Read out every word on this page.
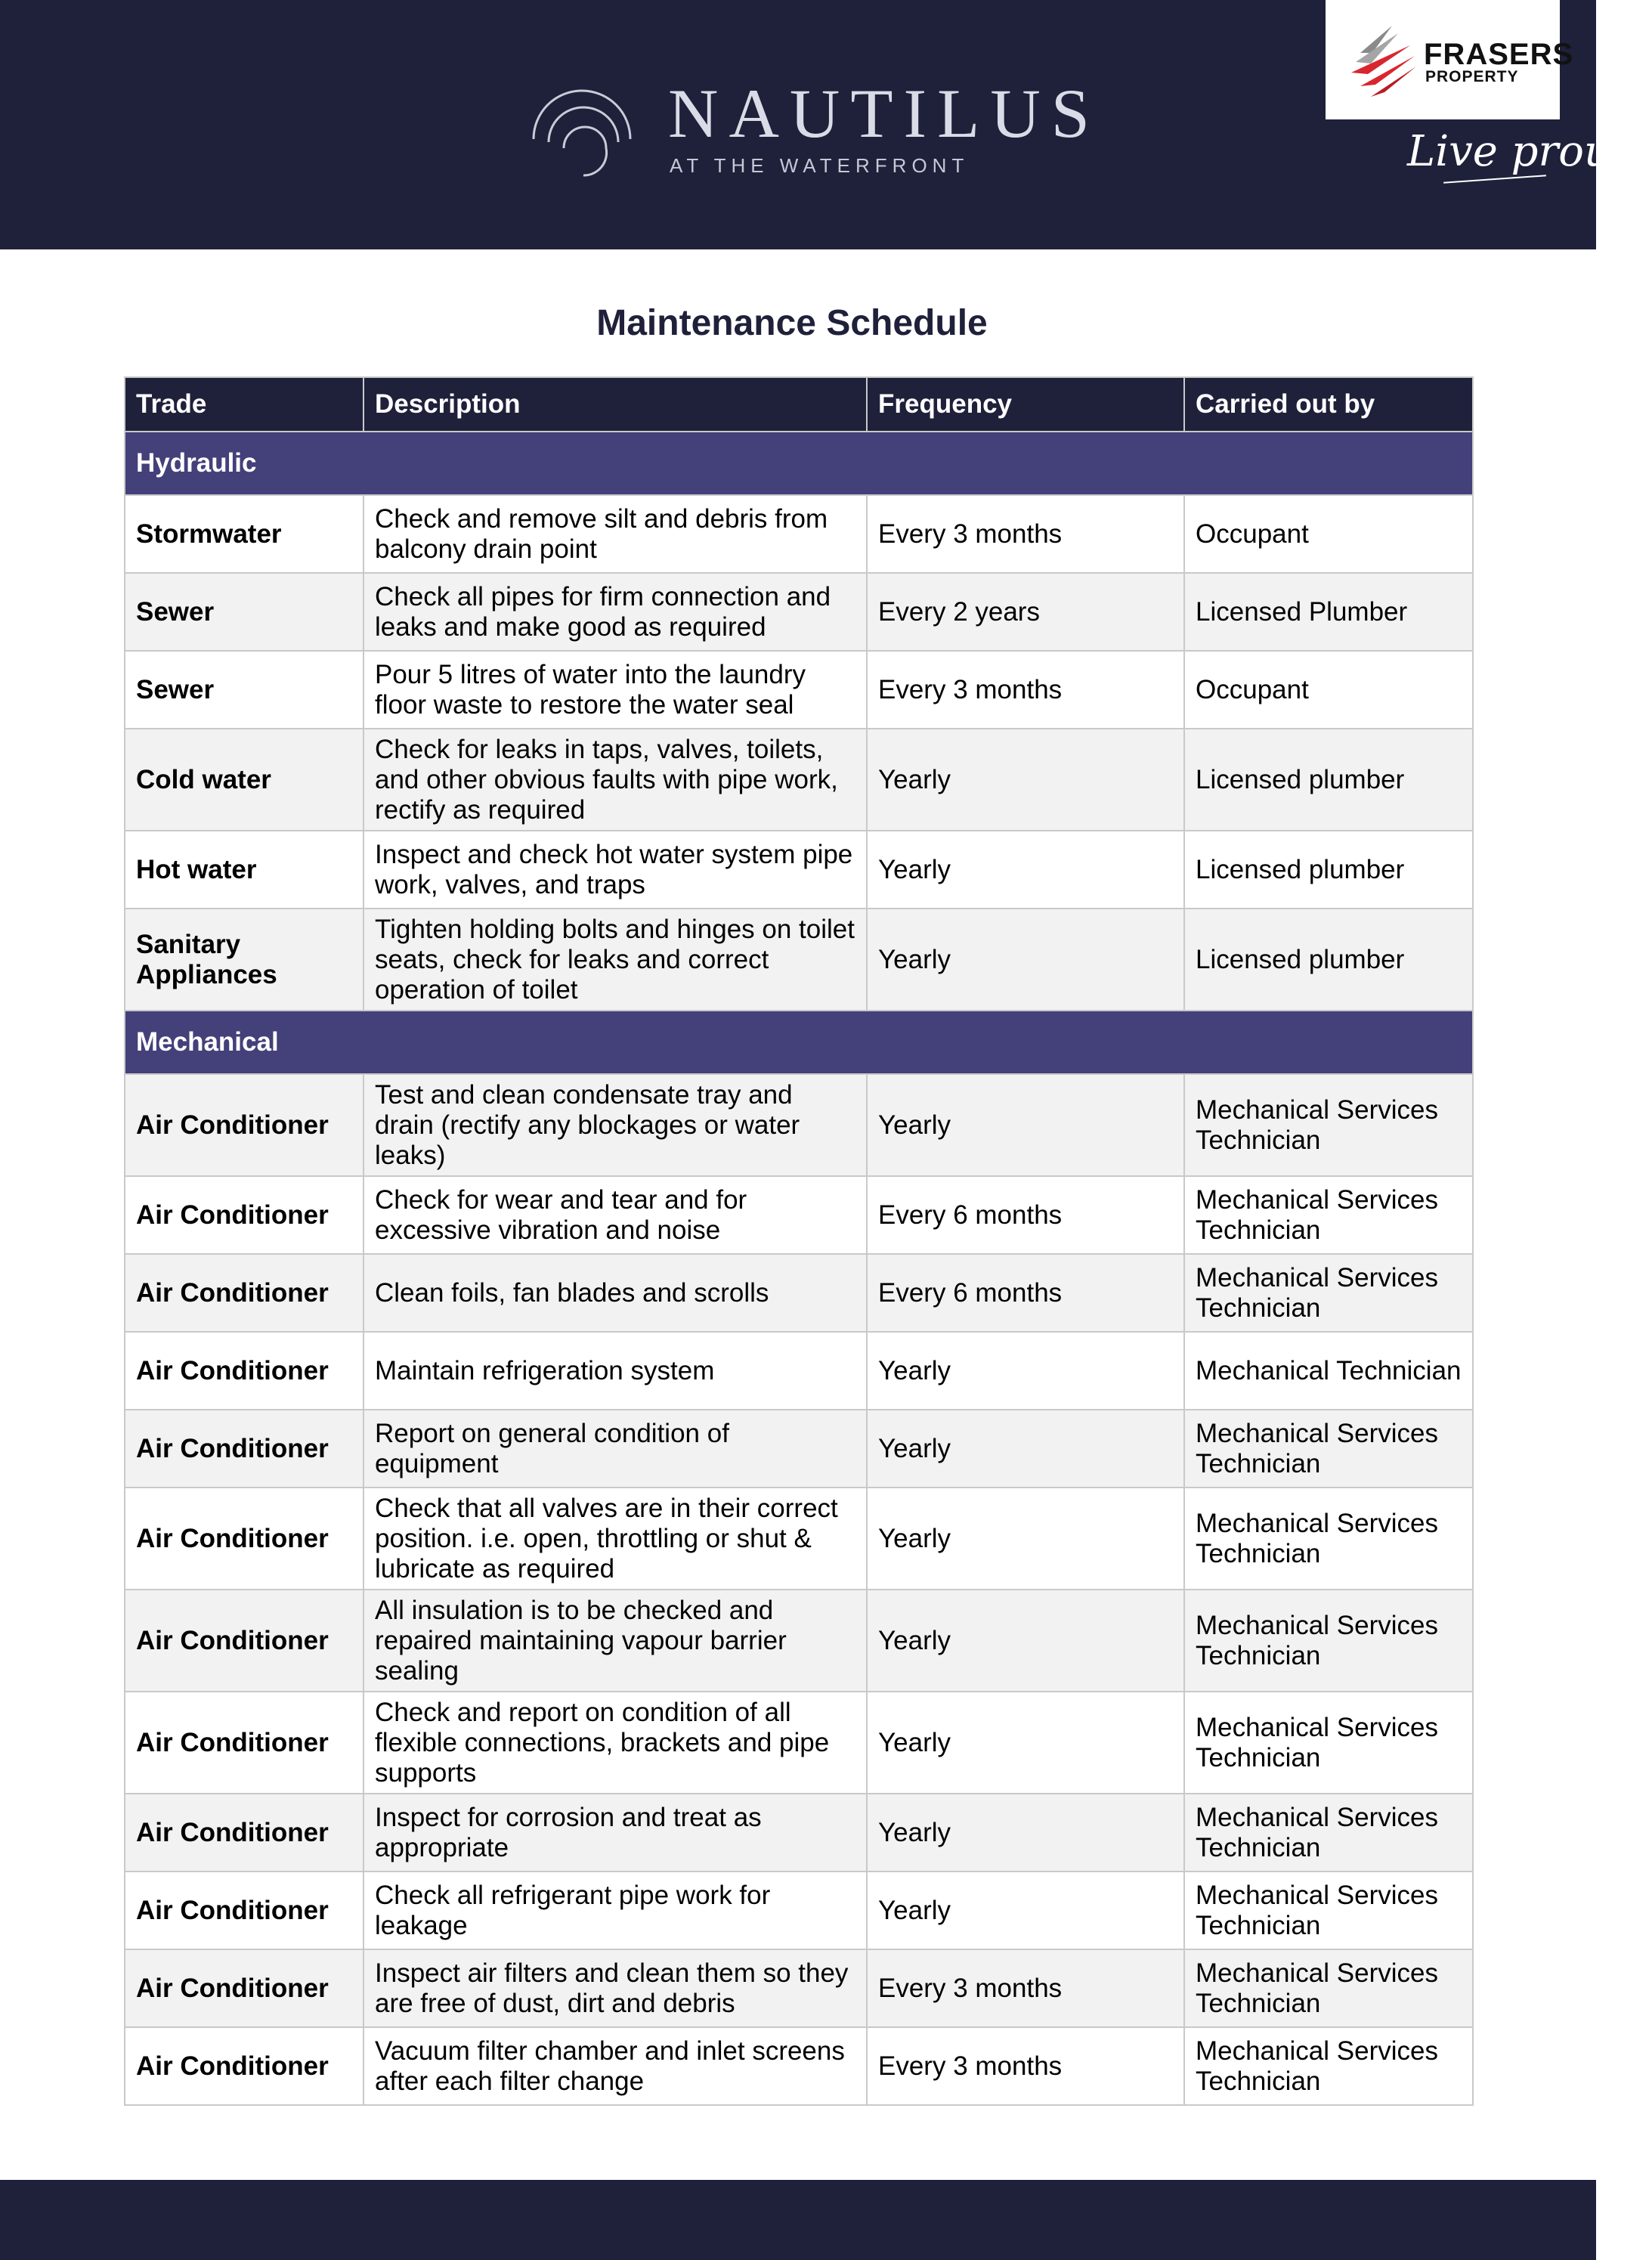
NAUTILUS
AT THE WATERFRONT
FRASERS
PROPERTY
Live proud.
Maintenance Schedule
Trade	Description	Frequency	Carried out by
Hydraulic			
Stormwater	Check and remove silt and debris from balcony drain point	Every 3 months	Occupant
Sewer	Check all pipes for firm connection and leaks and make good as required	Every 2 years	Licensed Plumber
Sewer	Pour 5 litres of water into the laundry floor waste to restore the water seal	Every 3 months	Occupant
Cold water	Check for leaks in taps, valves, toilets, and other obvious faults with pipe work, rectify as required	Yearly	Licensed plumber
Hot water	Inspect and check hot water system pipe work, valves, and traps	Yearly	Licensed plumber
Sanitary Appliances	Tighten holding bolts and hinges on toilet seats, check for leaks and correct operation of toilet	Yearly	Licensed plumber
Mechanical			
Air Conditioner	Test and clean condensate tray and drain (rectify any blockages or water leaks)	Yearly	Mechanical Services Technician
Air Conditioner	Check for wear and tear and for excessive vibration and noise	Every 6 months	Mechanical Services Technician
Air Conditioner	Clean foils, fan blades and scrolls	Every 6 months	Mechanical Services Technician
Air Conditioner	Maintain refrigeration system	Yearly	Mechanical Technician
Air Conditioner	Report on general condition of equipment	Yearly	Mechanical Services Technician
Air Conditioner	Check that all valves are in their correct position. i.e. open, throttling or shut & lubricate as required	Yearly	Mechanical Services Technician
Air Conditioner	All insulation is to be checked and repaired maintaining vapour barrier sealing	Yearly	Mechanical Services Technician
Air Conditioner	Check and report on condition of all flexible connections, brackets and pipe supports	Yearly	Mechanical Services Technician
Air Conditioner	Inspect for corrosion and treat as appropriate	Yearly	Mechanical Services Technician
Air Conditioner	Check all refrigerant pipe work for leakage	Yearly	Mechanical Services Technician
Air Conditioner	Inspect air filters and clean them so they are free of dust, dirt and debris	Every 3 months	Mechanical Services Technician
Air Conditioner	Vacuum filter chamber and inlet screens after each filter change	Every 3 months	Mechanical Services Technician
